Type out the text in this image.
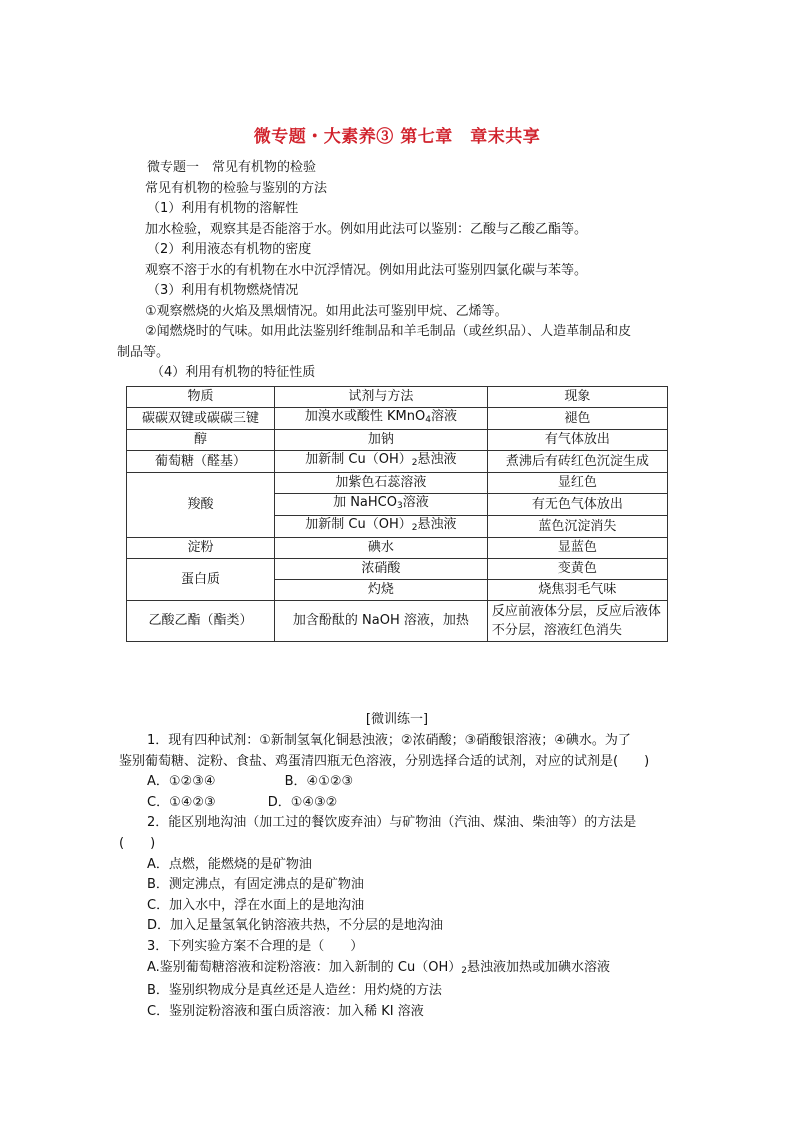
微专题・大素养③ 第七章　章末共享
微专题一　常见有机物的检验
常见有机物的检验与鉴别的方法
（1）利用有机物的溶解性
加水检验，观察其是否能溶于水。例如用此法可以鉴别：乙酸与乙酸乙酯等。
（2）利用液态有机物的密度
观察不溶于水的有机物在水中沉浮情况。例如用此法可鉴别四氯化碳与苯等。
（3）利用有机物燃烧情况
①观察燃烧的火焰及黑烟情况。如用此法可鉴别甲烷、乙烯等。
②闻燃烧时的气味。如用此法鉴别纤维制品和羊毛制品（或丝织品）、人造革制品和皮
制品等。
（4）利用有机物的特征性质
物质	试剂与方法	现象
碳碳双键或碳碳三键	加溴水或酸性 KMnO$_4$溶液	褪色
醇	加钠	有气体放出
葡萄糖（醛基）	加新制 $Cu(OH)_2$悬浊液	煮沸后有砖红色沉淀生成
羧酸	加紫色石蕊溶液	显红色
	加 NaHCO$_3$溶液	有无色气体放出
	加新制 $Cu(OH)_2$悬浊液	蓝色沉淀消失
淀粉	碘水	显蓝色
蛋白质	浓硝酸	变黄色
	灼烧	烧焦羽毛气味
乙酸乙酯（酯类）	加含酚酞的 NaOH 溶液，加热	反应前液体分层，反应后液体不分层，溶液红色消失
[微训练一]
1．现有四种试剂：①新制氢氧化铜悬浊液；②浓硝酸；③硝酸银溶液；④碘水。为了
鉴别葡萄糖、淀粉、食盐、鸡蛋清四瓶无色溶液，分别选择合适的试剂，对应的试剂是(　　)
A．①②③④　　　　　 B．④①②③
C．①④②③　　　　D．①④③②
2．能区别地沟油（加工过的餐饮废弃油）与矿物油（汽油、煤油、柴油等）的方法是
(　　)
A．点燃，能燃烧的是矿物油
B．测定沸点，有固定沸点的是矿物油
C．加入水中，浮在水面上的是地沟油
D．加入足量氢氧化钠溶液共热，不分层的是地沟油
3．下列实验方案不合理的是（　　）
A.鉴别葡萄糖溶液和淀粉溶液：加入新制的 $Cu(OH)_2$悬浊液加热或加碘水溶液
B．鉴别织物成分是真丝还是人造丝：用灼烧的方法
C．鉴别淀粉溶液和蛋白质溶液：加入稀 KI 溶液
